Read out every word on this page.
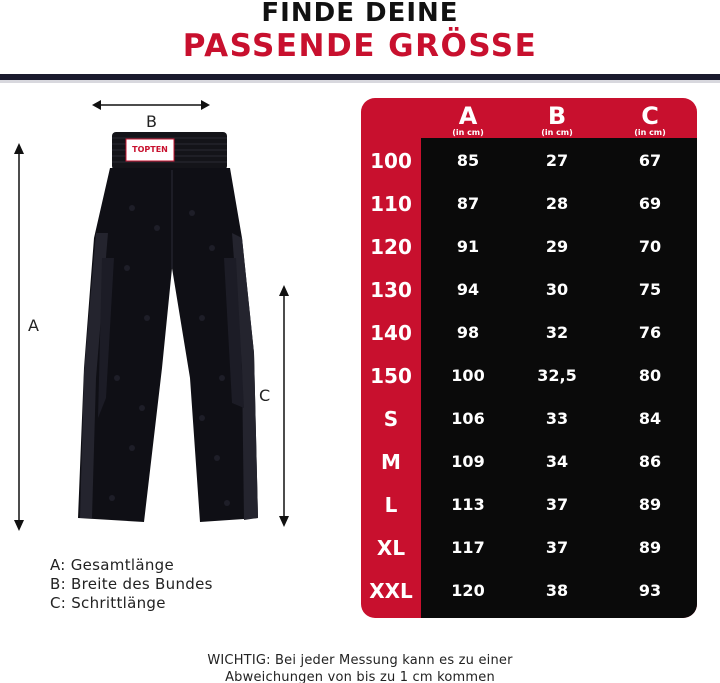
FINDE DEINE
PASSENDE GRÖSSE
B
A
C
TOPTEN
A: Gesamtlänge
B: Breite des Bundes
C: Schrittlänge
A
(in cm)
B
(in cm)
C
(in cm)
100	85	27	67
110	87	28	69
120	91	29	70
130	94	30	75
140	98	32	76
150	100	32,5	80
S	106	33	84
M	109	34	86
L	113	37	89
XL	117	37	89
XXL	120	38	93
WICHTIG: Bei jeder Messung kann es zu einer
Abweichungen von bis zu 1 cm kommen
